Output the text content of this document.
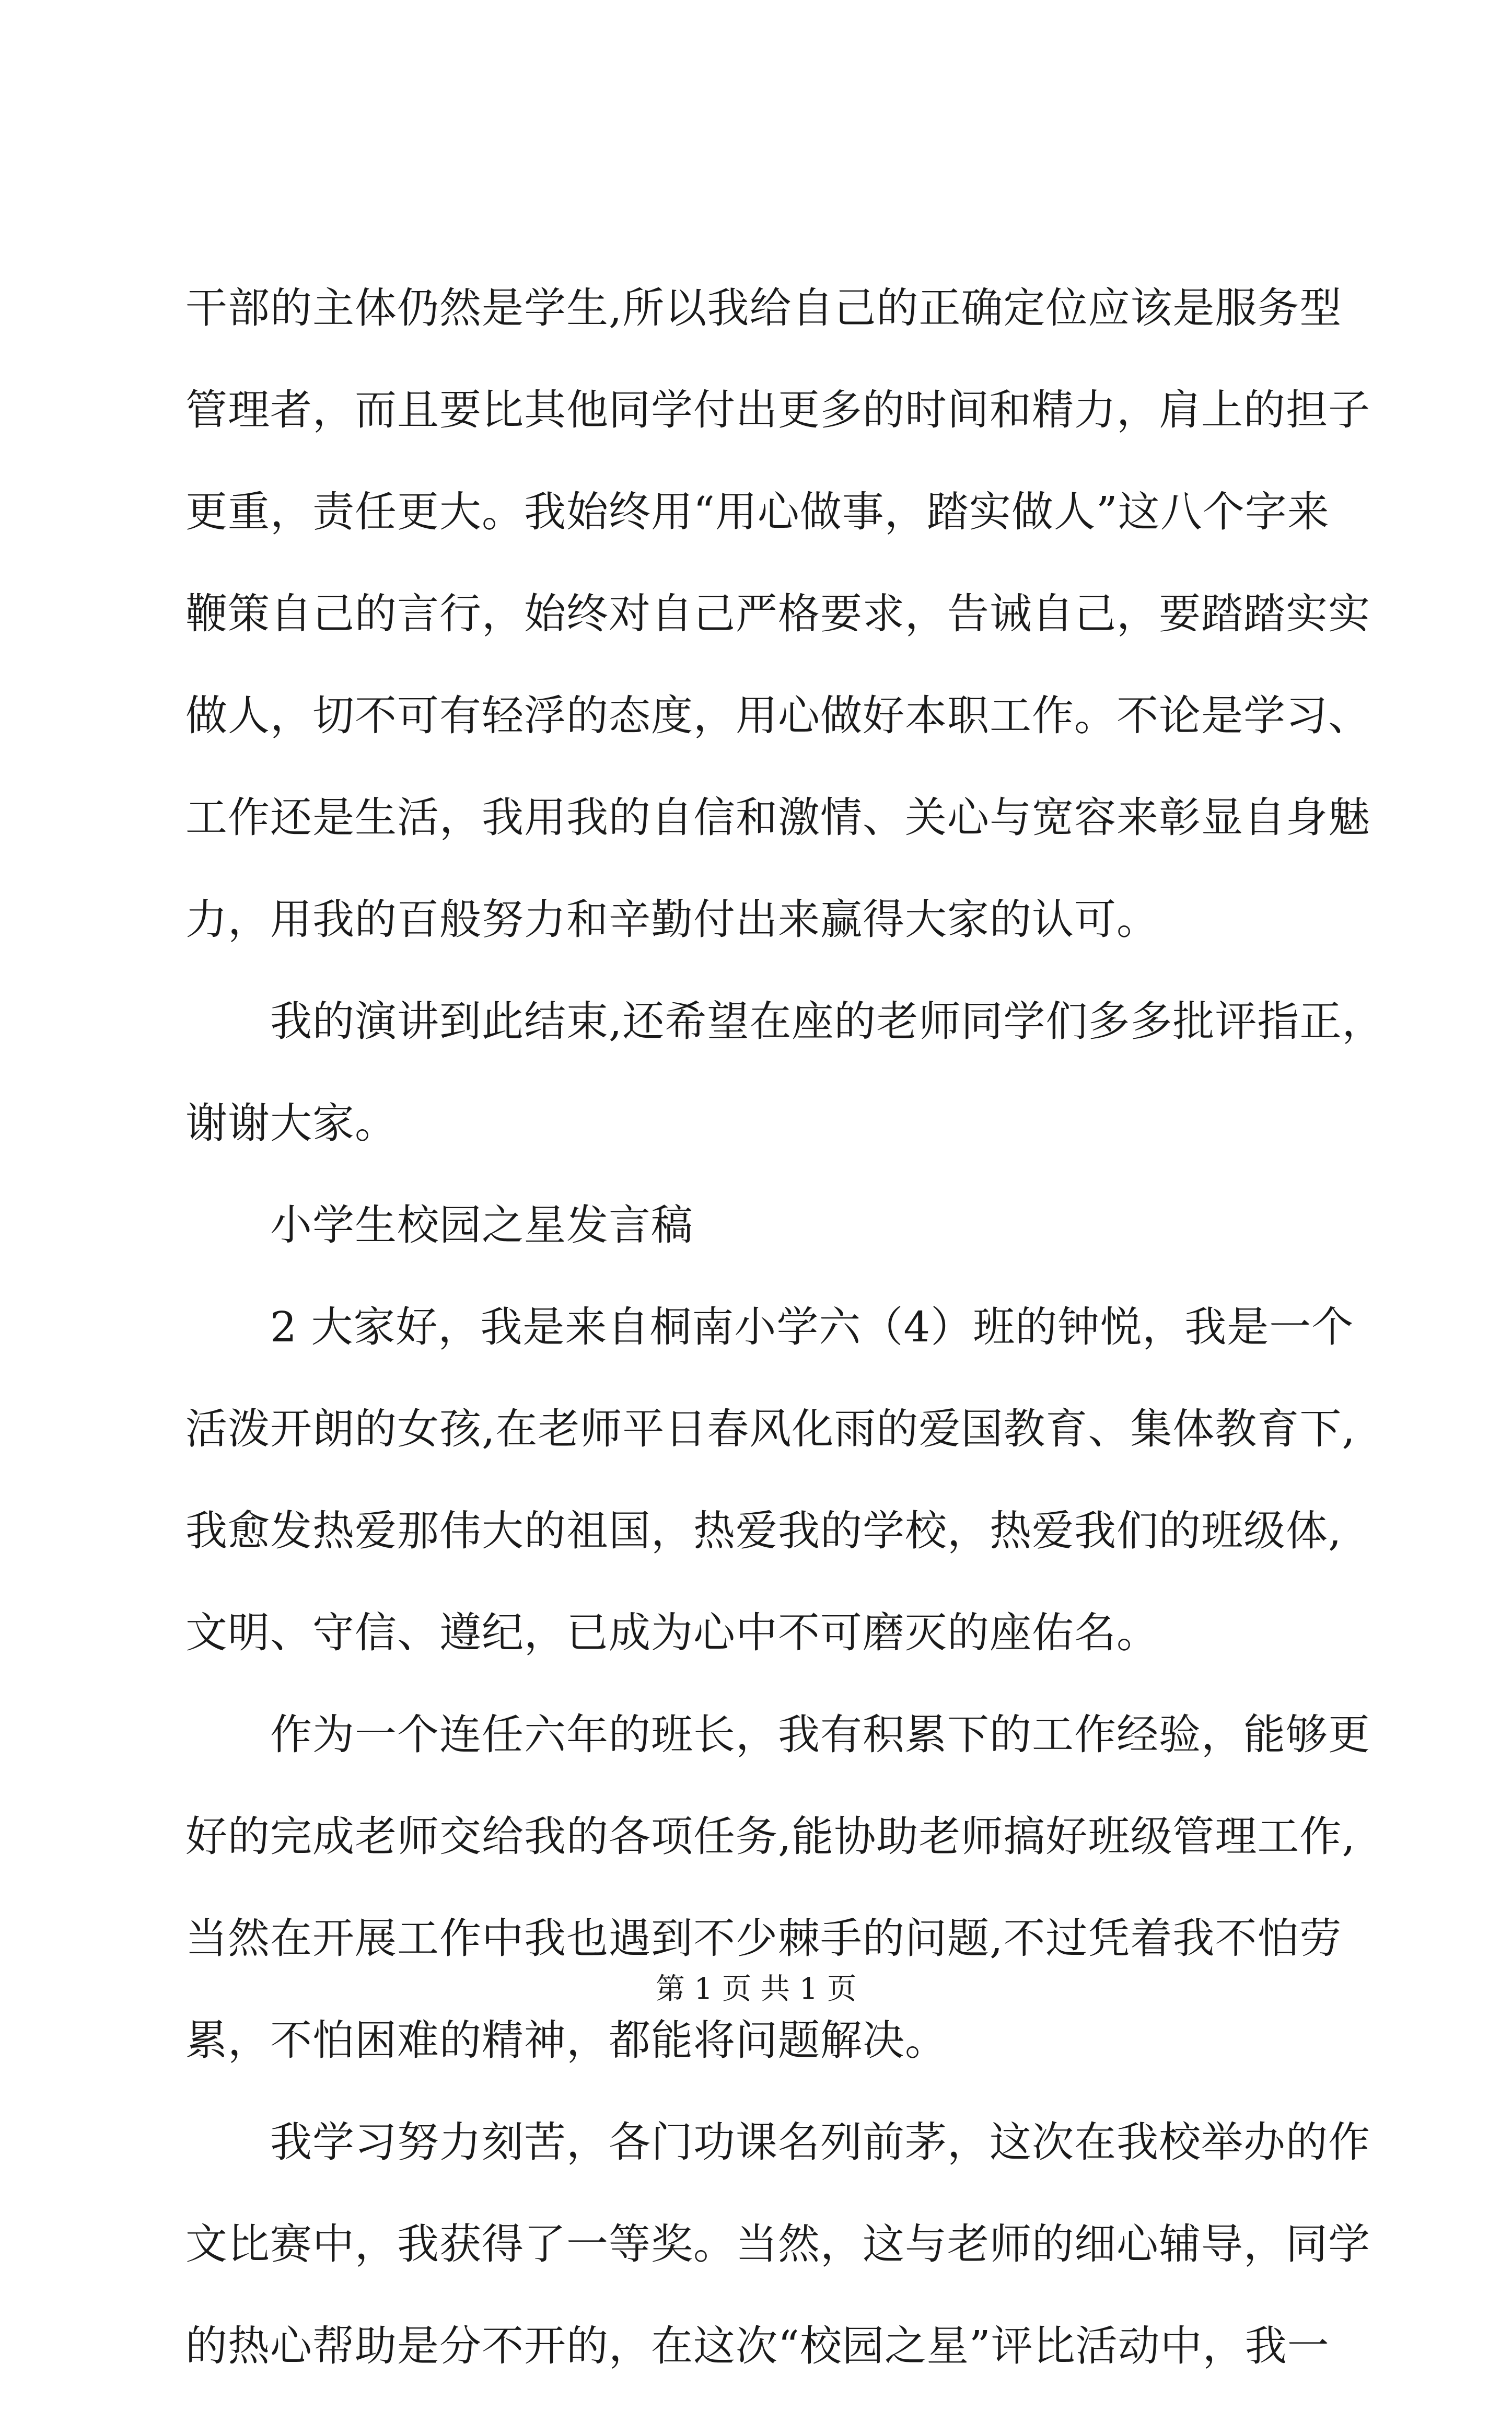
干部的主体仍然是学生,所以我给自己的正确定位应该是服务型
管理者，而且要比其他同学付出更多的时间和精力，肩上的担子
更重，责任更大。我始终用“用心做事，踏实做人”这八个字来
鞭策自己的言行，始终对自己严格要求，告诫自己，要踏踏实实
做人，切不可有轻浮的态度，用心做好本职工作。不论是学习、
工作还是生活，我用我的自信和激情、关心与宽容来彰显自身魅
力，用我的百般努力和辛勤付出来赢得大家的认可。
我的演讲到此结束,还希望在座的老师同学们多多批评指正，
谢谢大家。
小学生校园之星发言稿
2 大家好，我是来自桐南小学六（4）班的钟悦，我是一个
活泼开朗的女孩,在老师平日春风化雨的爱国教育、集体教育下,
我愈发热爱那伟大的祖国，热爱我的学校，热爱我们的班级体,
文明、守信、遵纪，已成为心中不可磨灭的座佑名。
作为一个连任六年的班长，我有积累下的工作经验，能够更
好的完成老师交给我的各项任务,能协助老师搞好班级管理工作,
当然在开展工作中我也遇到不少棘手的问题,不过凭着我不怕劳
累，不怕困难的精神，都能将问题解决。
我学习努力刻苦，各门功课名列前茅，这次在我校举办的作
文比赛中，我获得了一等奖。当然，这与老师的细心辅导，同学
的热心帮助是分不开的，在这次“校园之星”评比活动中，我一
第 1 页 共 1 页
